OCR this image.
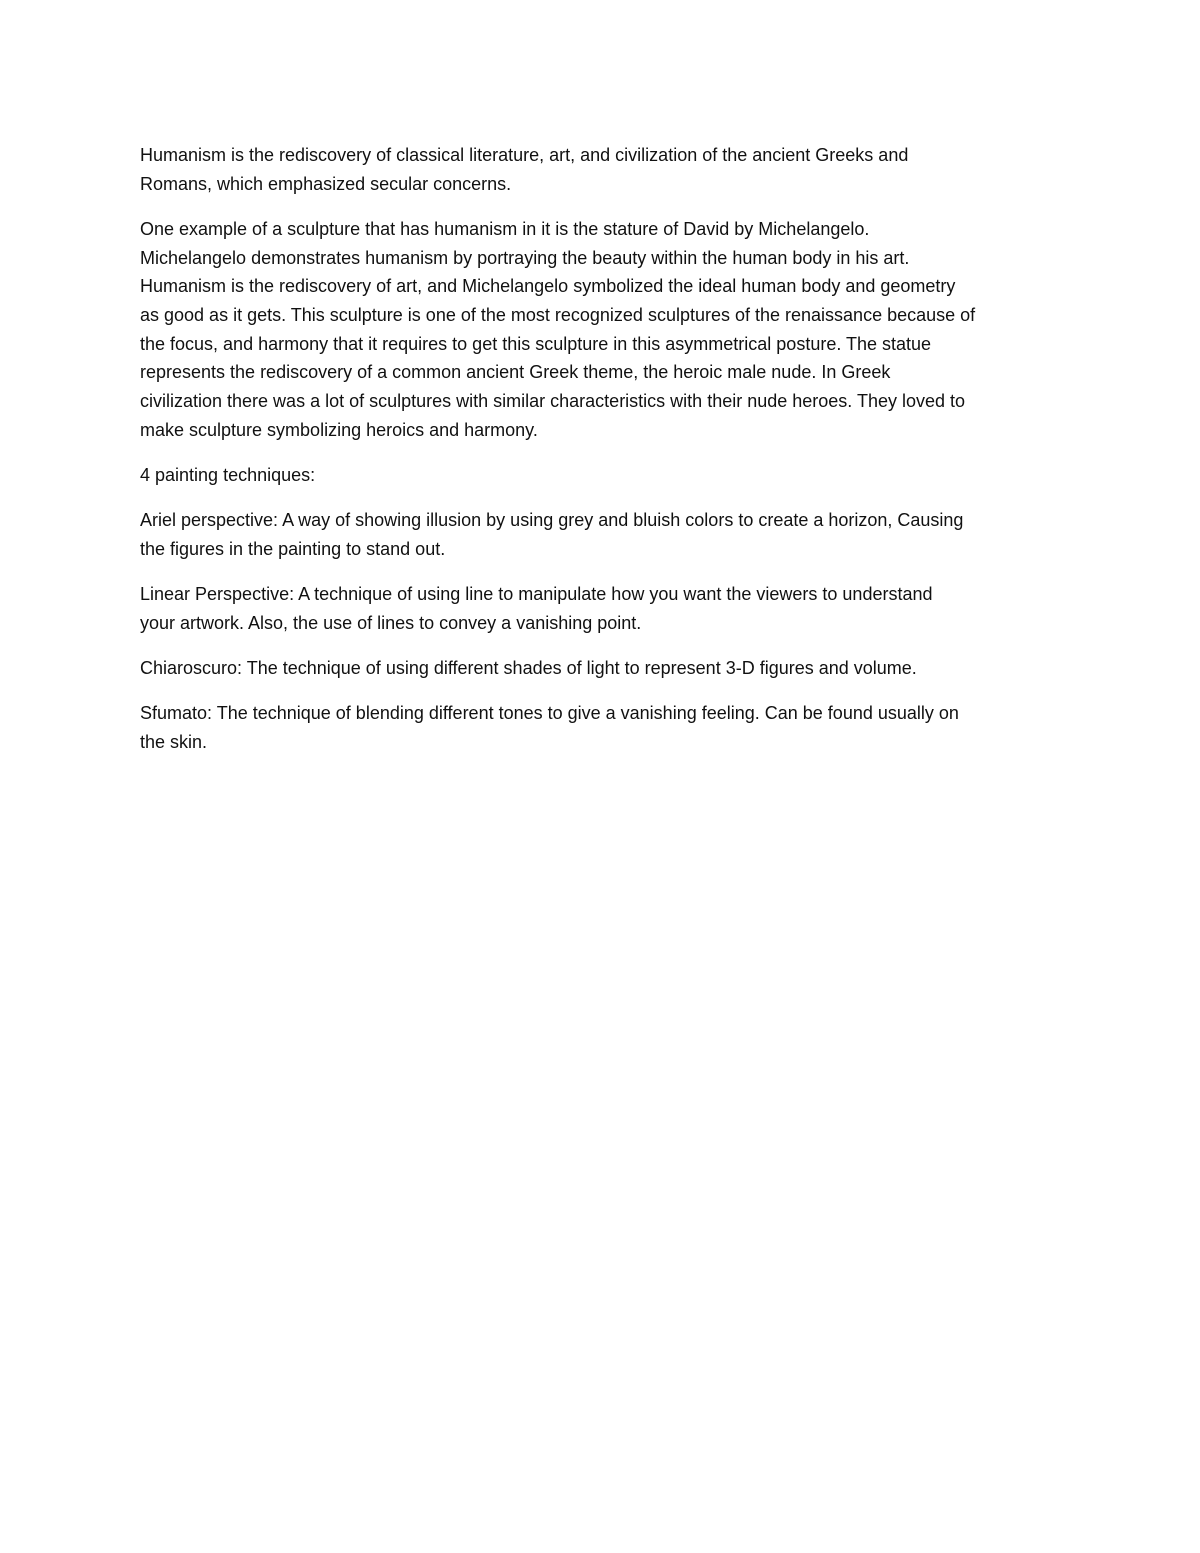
Humanism is the rediscovery of classical literature, art, and civilization of the ancient Greeks and
Romans, which emphasized secular concerns.

One example of a sculpture that has humanism in it is the stature of David by Michelangelo.
Michelangelo demonstrates humanism by portraying the beauty within the human body in his art.
Humanism is the rediscovery of art, and Michelangelo symbolized the ideal human body and geometry
as good as it gets. This sculpture is one of the most recognized sculptures of the renaissance because of
the focus, and harmony that it requires to get this sculpture in this asymmetrical posture. The statue
represents the rediscovery of a common ancient Greek theme, the heroic male nude. In Greek
civilization there was a lot of sculptures with similar characteristics with their nude heroes. They loved to
make sculpture symbolizing heroics and harmony.

4 painting techniques:

Ariel perspective: A way of showing illusion by using grey and bluish colors to create a horizon, Causing
the figures in the painting to stand out.

Linear Perspective: A technique of using line to manipulate how you want the viewers to understand
your artwork. Also, the use of lines to convey a vanishing point.

Chiaroscuro: The technique of using different shades of light to represent 3-D figures and volume.

Sfumato: The technique of blending different tones to give a vanishing feeling. Can be found usually on
the skin.
